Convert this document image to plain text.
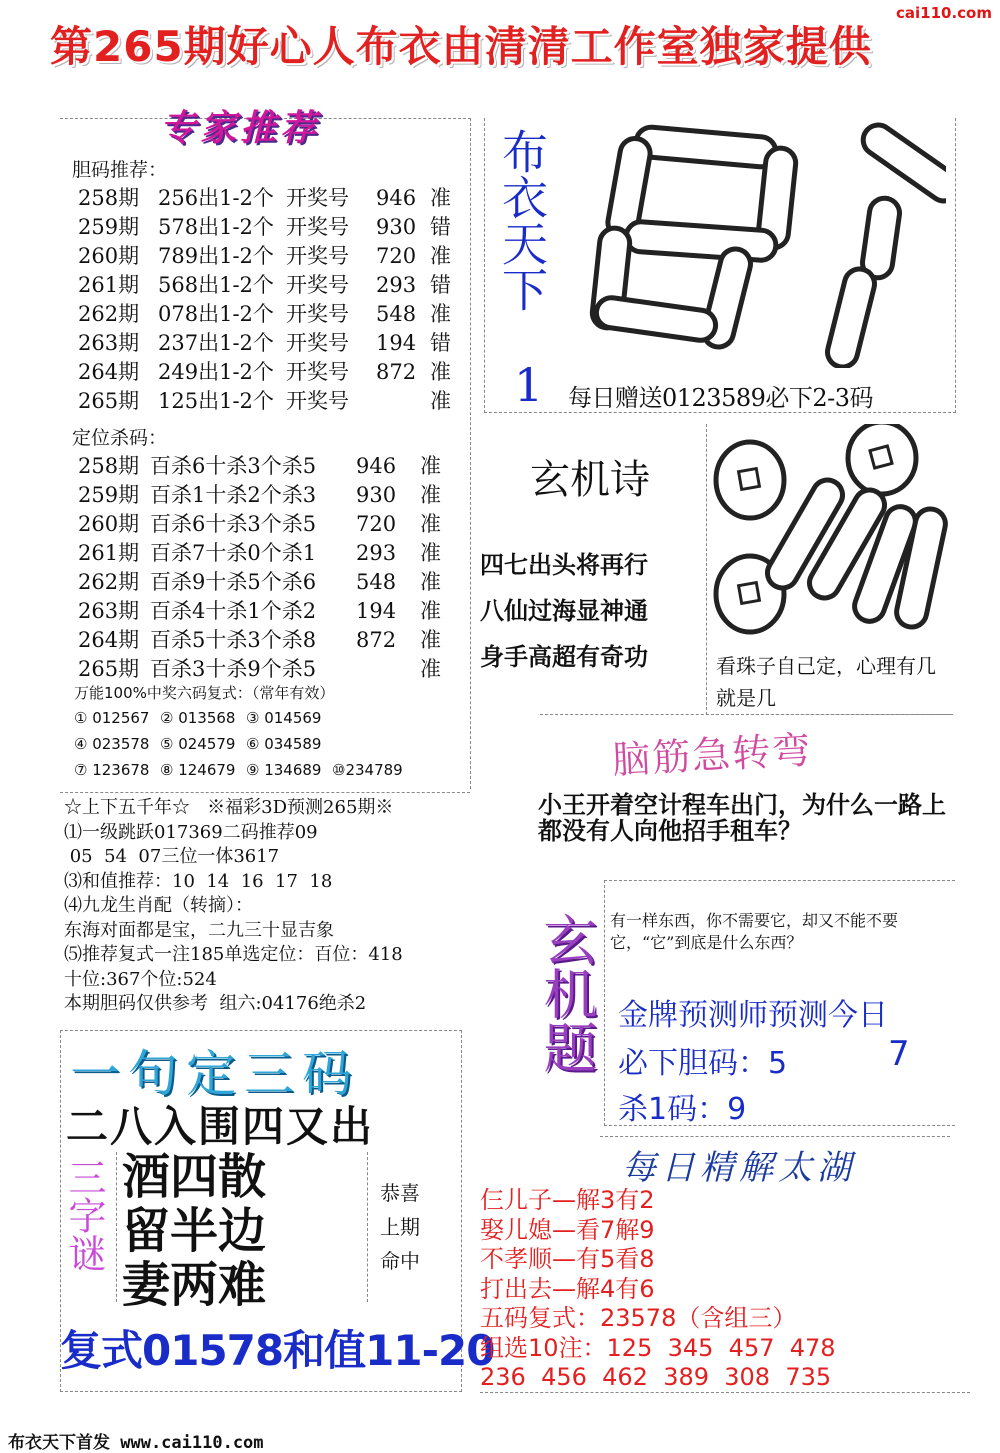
第265期好心人布衣由清清工作室独家提供
cai110.com
专家推荐
胆码推荐：
258期 256出1-2个 开奖号 946 准
259期 578出1-2个 开奖号 930 错
260期 789出1-2个 开奖号 720 准
261期 568出1-2个 开奖号 293 错
262期 078出1-2个 开奖号 548 准
263期 237出1-2个 开奖号 194 错
264期 249出1-2个 开奖号 872 准
265期 125出1-2个 开奖号	准
定位杀码：
258期 百杀6十杀3个杀5 946 准
259期 百杀1十杀2个杀3 930 准
260期 百杀6十杀3个杀5 720 准
261期 百杀7十杀0个杀1 293 准
262期 百杀9十杀5个杀6 548 准
263期 百杀4十杀1个杀2 194 准
264期 百杀5十杀3个杀8 872 准
265期 百杀3十杀9个杀5	准
万能100%中奖六码复式：（常年有效）
① 012567 ② 013568 ③ 014569
④ 023578 ⑤ 024579 ⑥ 034589
⑦ 123678 ⑧ 124679 ⑨ 134689 ⑩234789
☆上下五千年☆   ※福彩3D预测265期※
⑴一级跳跃017369二码推荐09
05  54  07三位一体3617
⑶和值推荐：10  14  16  17  18
⑷九龙生肖配（转摘）：
东海对面都是宝，二九三十显吉象
⑸推荐复式一注185单选定位：百位：418
十位:367个位:524
本期胆码仅供参考  组六:04176绝杀2
一句定三码
二八入围四又出
三字谜 酒四散
留半边
妻两难
恭喜
上期
命中
复式01578和值11-20
布衣天下
1 每日赠送0123589必下2-3码
玄机诗
四七出头将再行
八仙过海显神通
身手高超有奇功	看珠子自己定，心理有几就是几
脑筋急转弯
小王开着空计程车出门，为什么一路上都没有人向他招手租车？
玄机题 有一样东西，你不需要它，却又不能不要它，“它”到底是什么东西？
金牌预测师预测今日
必下胆码：5	7
杀1码：9
每日精解太湖
仨儿子—解3有2
娶儿媳—看7解9
不孝顺—有5看8
打出去—解4有6
五码复式：23578（含组三）
组选10注：125  345  457  478
236  456  462  389  308  735
布衣天下首发 www.cai110.com
